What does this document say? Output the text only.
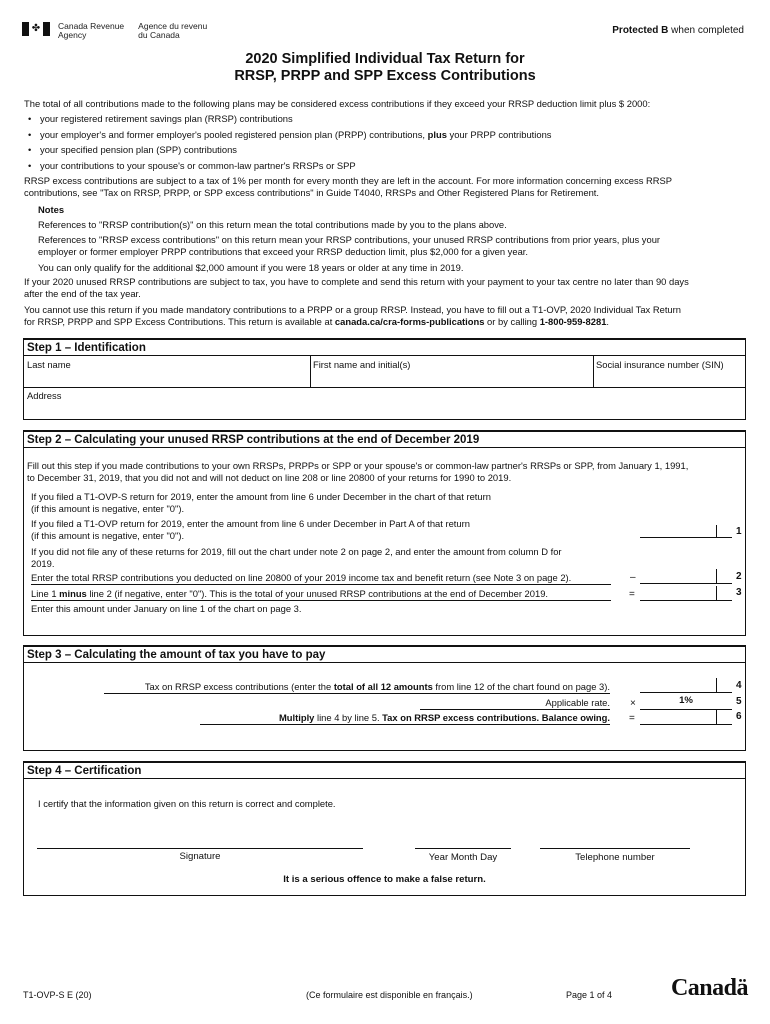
✤	Canada Revenue
Agency
Agence du revenu
du Canada	Protected B when completed
2020 Simplified Individual Tax Return for
RRSP, PRPP and SPP Excess Contributions
The total of all contributions made to the following plans may be considered excess contributions if they exceed your RRSP deduction limit plus $ 2000:
• your registered retirement savings plan (RRSP) contributions
• your employer's and former employer's pooled registered pension plan (PRPP) contributions, plus your PRPP contributions
• your specified pension plan (SPP) contributions
• your contributions to your spouse's or common-law partner's RRSPs or SPP
RRSP excess contributions are subject to a tax of 1% per month for every month they are left in the account. For more information concerning excess RRSP
contributions, see "Tax on RRSP, PRPP, or SPP excess contributions" in Guide T4040, RRSPs and Other Registered Plans for Retirement.
Notes
References to "RRSP contribution(s)" on this return mean the total contributions made by you to the plans above.
References to "RRSP excess contributions" on this return mean your RRSP contributions, your unused RRSP contributions from prior years, plus your
employer or former employer PRPP contributions that exceed your RRSP deduction limit, plus $2,000 for a given year.
You can only qualify for the additional $2,000 amount if you were 18 years or older at any time in 2019.
If your 2020 unused RRSP contributions are subject to tax, you have to complete and send this return with your payment to your tax centre no later than 90 days
after the end of the tax year.
You cannot use this return if you made mandatory contributions to a PRPP or a group RRSP. Instead, you have to fill out a T1-OVP, 2020 Individual Tax Return
for RRSP, PRPP and SPP Excess Contributions. This return is available at canada.ca/cra-forms-publications or by calling 1-800-959-8281.
Step 1 – Identification
Last name	First name and initial(s)	Social insurance number (SIN)
Address
Step 2 – Calculating your unused RRSP contributions at the end of December 2019
Fill out this step if you made contributions to your own RRSPs, PRPPs or SPP or your spouse's or common-law partner's RRSPs or SPP, from January 1, 1991,
to December 31, 2019, that you did not and will not deduct on line 208 or line 20800 of your returns for 1990 to 2019.
If you filed a T1-OVP-S return for 2019, enter the amount from line 6 under December in the chart of that return
(if this amount is negative, enter "0").
If you filed a T1-OVP return for 2019, enter the amount from line 6 under December in Part A of that return
(if this amount is negative, enter "0").
If you did not file any of these returns for 2019, fill out the chart under note 2 on page 2, and enter the amount from column D for
2019.
1
Enter the total RRSP contributions you deducted on line 20800 of your 2019 income tax and benefit return (see Note 3 on page 2).	–	2
Line 1 minus line 2 (if negative, enter "0"). This is the total of your unused RRSP contributions at the end of December 2019.	=	3
Enter this amount under January on line 1 of the chart on page 3.
Step 3 – Calculating the amount of tax you have to pay
Tax on RRSP excess contributions (enter the total of all 12 amounts from line 12 of the chart found on page 3).	4
Applicable rate. ×	1%	5
Multiply line 4 by line 5. Tax on RRSP excess contributions. Balance owing. =	6
Step 4 – Certification
I certify that the information given on this return is correct and complete.
Signature	Year Month Day	Telephone number
It is a serious offence to make a false return.
T1-OVP-S E (20)	(Ce formulaire est disponible en français.)	Page 1 of 4 Canadä
